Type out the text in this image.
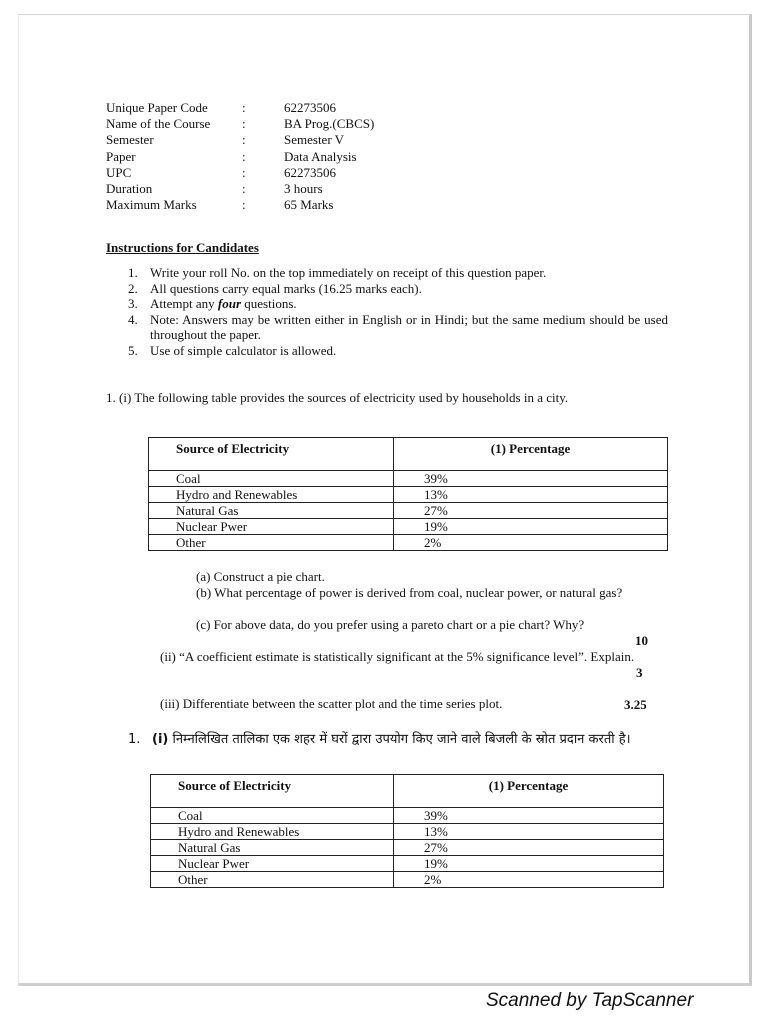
Unique Paper Code	:	62273506
Name of the Course	:	BA Prog.(CBCS)
Semester	:	Semester V
Paper	:	Data Analysis
UPC	:	62273506
Duration	:	3 hours
Maximum Marks	:	65 Marks
Instructions for Candidates
1. Write your roll No. on the top immediately on receipt of this question paper.
2. All questions carry equal marks (16.25 marks each).
3. Attempt any four questions.
4. Note: Answers may be written either in English or in Hindi; but the same medium should be used throughout the paper.
5. Use of simple calculator is allowed.
1. (i) The following table provides the sources of electricity used by households in a city.
Source of Electricity	(1) Percentage
Coal	39%
Hydro and Renewables	13%
Natural Gas	27%
Nuclear Pwer	19%
Other	2%
(a) Construct a pie chart.
(b) What percentage of power is derived from coal, nuclear power, or natural gas?
(c) For above data, do you prefer using a pareto chart or a pie chart? Why?
10
(ii) “A coefficient estimate is statistically significant at the 5% significance level”. Explain.
3
(iii) Differentiate between the scatter plot and the time series plot.	3.25
1. (i) निम्नलिखित तालिका एक शहर में घरों द्वारा उपयोग किए जाने वाले बिजली के स्रोत प्रदान करती है।
Source of Electricity	(1) Percentage
Coal	39%
Hydro and Renewables	13%
Natural Gas	27%
Nuclear Pwer	19%
Other	2%
Scanned by TapScanner
